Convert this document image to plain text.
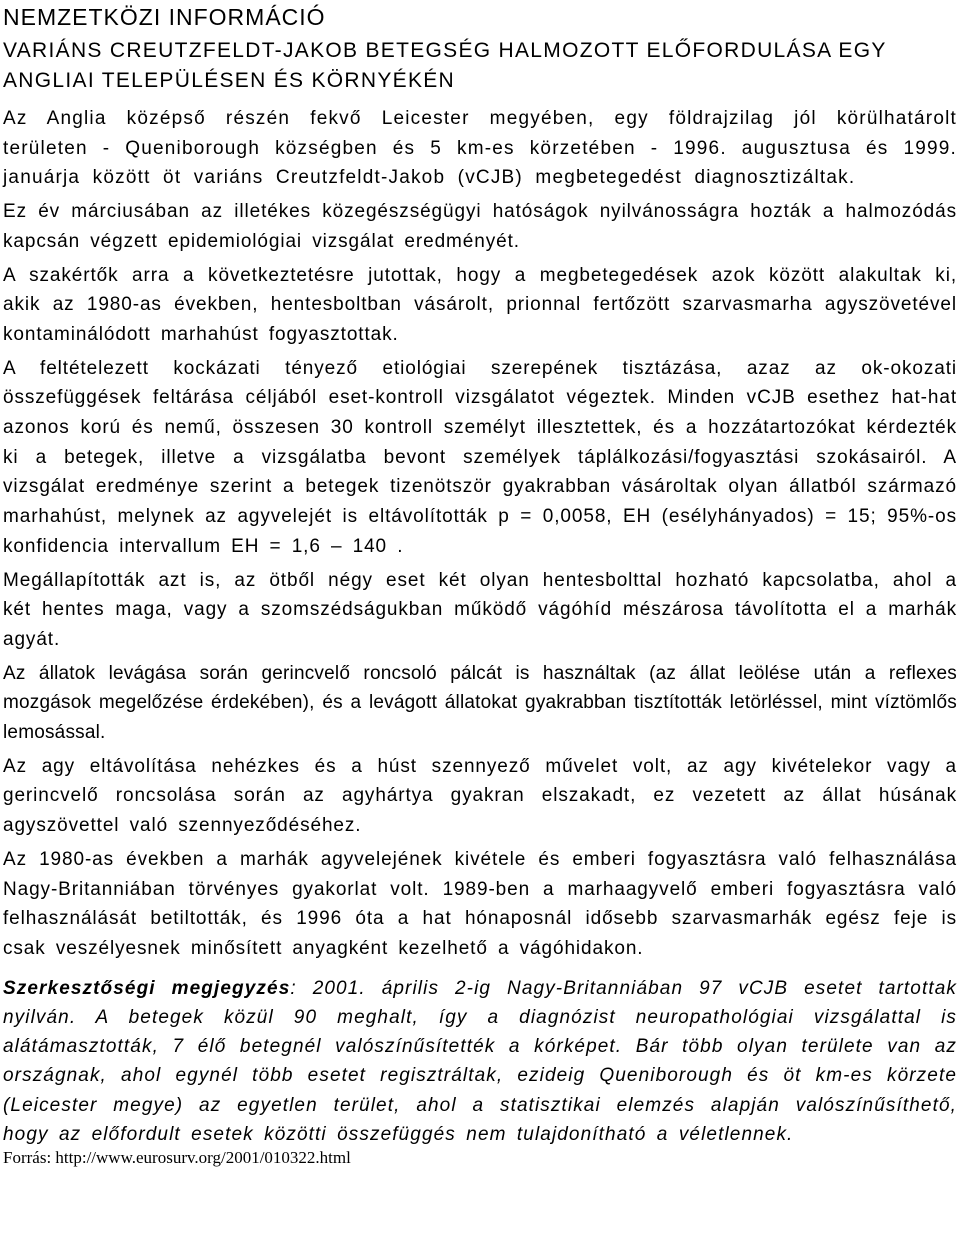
NEMZETKÖZI INFORMÁCIÓ
VARIÁNS CREUTZFELDT-JAKOB BETEGSÉG HALMOZOTT ELŐFORDULÁSA EGY ANGLIAI TELEPÜLÉSEN ÉS KÖRNYÉKÉN

Az Anglia középső részén fekvő Leicester megyében, egy földrajzilag jól körülhatárolt területen - Queniborough községben és 5 km-es körzetében - 1996. augusztusa és 1999. januárja között öt variáns Creutzfeldt-Jakob (vCJB) megbetegedést diagnosztizáltak.

Ez év márciusában az illetékes közegészségügyi hatóságok nyilvánosságra hozták a halmozódás kapcsán végzett epidemiológiai vizsgálat eredményét.

A szakértők arra a következtetésre jutottak, hogy a megbetegedések azok között alakultak ki, akik az 1980-as években, hentesboltban vásárolt, prionnal fertőzött szarvasmarha agyszövetével kontaminálódott marhahúst fogyasztottak.

A feltételezett kockázati tényező etiológiai szerepének tisztázása, azaz az ok-okozati összefüggések feltárása céljából eset-kontroll vizsgálatot végeztek. Minden vCJB esethez hat-hat azonos korú és nemű, összesen 30 kontroll személyt illesztettek, és a hozzátartozókat kérdezték ki a betegek, illetve a vizsgálatba bevont személyek táplálkozási/fogyasztási szokásairól. A vizsgálat eredménye szerint a betegek tizenötször gyakrabban vásároltak olyan állatból származó marhahúst, melynek az agyvelejét is eltávolították p = 0,0058, EH (esélyhányados) = 15; 95%-os konfidencia intervallum EH = 1,6 – 140 .

Megállapították azt is, az ötből négy eset két olyan hentesbolttal hozható kapcsolatba, ahol a két hentes maga, vagy a szomszédságukban működő vágóhíd mészárosa távolította el a marhák agyát.

Az állatok levágása során gerincvelő roncsoló pálcát is használtak (az állat leölése után a reflexes mozgások megelőzése érdekében), és a levágott állatokat gyakrabban tisztították letörléssel, mint víztömlős lemosással.

Az agy eltávolítása nehézkes és a húst szennyező művelet volt, az agy kivételekor vagy a gerincvelő roncsolása során az agyhártya gyakran elszakadt, ez vezetett az állat húsának agyszövettel való szennyeződéséhez.

Az 1980-as években a marhák agyvelejének kivétele és emberi fogyasztásra való felhasználása Nagy-Britanniában törvényes gyakorlat volt. 1989-ben a marhaagyvelő emberi fogyasztásra való felhasználását betiltották, és 1996 óta a hat hónaposnál idősebb szarvasmarhák egész feje is csak veszélyesnek minősített anyagként kezelhető a vágóhidakon.

Szerkesztőségi megjegyzés: 2001. április 2-ig Nagy-Britanniában 97 vCJB esetet tartottak nyilván. A betegek közül 90 meghalt, így a diagnózist neuropathológiai vizsgálattal is alátámasztották, 7 élő betegnél valószínűsítették a kórképet. Bár több olyan területe van az országnak, ahol egynél több esetet regisztráltak, ezideig Queniborough és öt km-es körzete (Leicester megye) az egyetlen terület, ahol a statisztikai elemzés alapján valószínűsíthető, hogy az előfordult esetek közötti összefüggés nem tulajdonítható a véletlennek.

Forrás: http://www.eurosurv.org/2001/010322.html
